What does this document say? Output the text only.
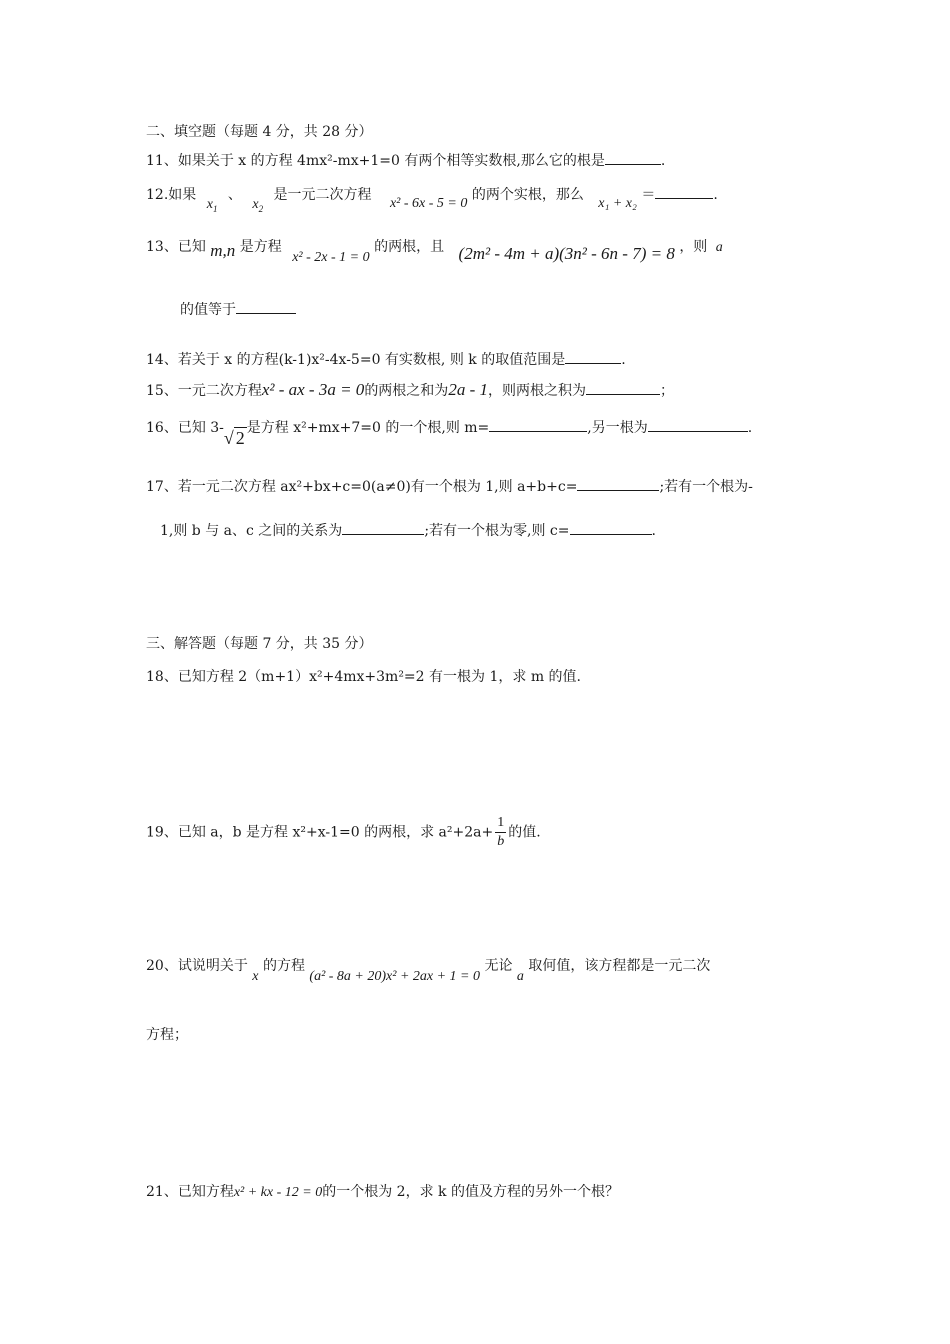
二、填空题（每题 4 分，共 28 分）
11、如果关于 x 的方程 4mx²-mx+1=0 有两个相等实数根,那么它的根是	.
12.如果 $x_1$ 、 $x_2$ 是一元二次方程 x² - 6x - 5 = 0 的两个实根，那么 x₁ + x₂ ＝	.
13、已知 m,n 是方程 x² - 2x - 1 = 0 的两根，且 (2m² - 4m + a)(3n² - 6n - 7) = 8 ，则 a
的值等于
14、若关于 x 的方程(k-1)x²-4x-5=0 有实数根, 则 k 的取值范围是	.
15、一元二次方程x² - ax - 3a = 0的两根之和为2a - 1，则两根之积为	；
16、已知 3-√ 2 是方程 x²+mx+7=0 的一个根,则 m=	,另一根为	.
17、若一元二次方程 ax²+bx+c=0(a≠0)有一个根为 1,则 a+b+c=	;若有一个根为-
1,则 b 与 a、c 之间的关系为	;若有一个根为零,则 c=	.
三、解答题（每题 7 分，共 35 分）
18、已知方程 2（m+1）x²+4mx+3m²=2 有一根为 1，求 m 的值.
19、已知 a，b 是方程 x²+x-1=0 的两根，求 $a^2+2a+ \frac{1}{b}$ 的值.
20、试说明关于 x 的方程 (a² - 8a + 20)x² + 2ax + 1 = 0 无论 a 取何值，该方程都是一元二次
方程；
21、已知方程x² + kx - 12 = 0的一个根为 2，求 k 的值及方程的另外一个根？
